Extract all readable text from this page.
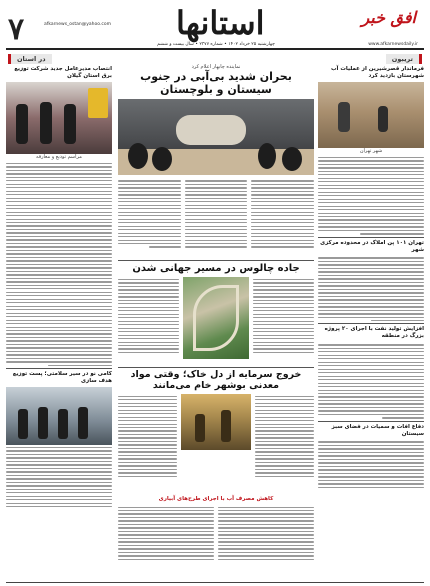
افق خبر
www.afkarnewsdaily.ir
استانها
afkarnews_ostan@yahoo.com
۷	چهارشنبه ۲۵ خرداد ۱۴۰۲ • شماره ۲۳۷۷ • سال بیست و ششم
تریبون
در استان
فرماندار قصرشیرین از عملیات آب شهرستان بازدید کرد
شهر تهران
تهران ۱۰۱ پن املاک در محدوده مرکزی شهر
افزایش تولید نفت با اجرای ۲۰ پروژه بزرگ در منطقه
دفاع افات و سمیات در فضای سبز سیستان
نماینده چابهار اعلام کرد
بحران شدید بی‌آبی در جنوب سیستان و بلوچستان
جاده چالوس در مسیر جهانی شدن
خروج سرمایه از دل خاک؛ وقتی مواد معدنی بوشهر خام می‌مانند
کاهش مصرف آب با اجرای طرح‌های آبیاری
انتصاب مدیرعامل جدید شرکت توزیع برق استان گیلان
مراسم تودیع و معارفه
کامی نو در سیر سلامتی؛ پست توزیع هدف سازی
